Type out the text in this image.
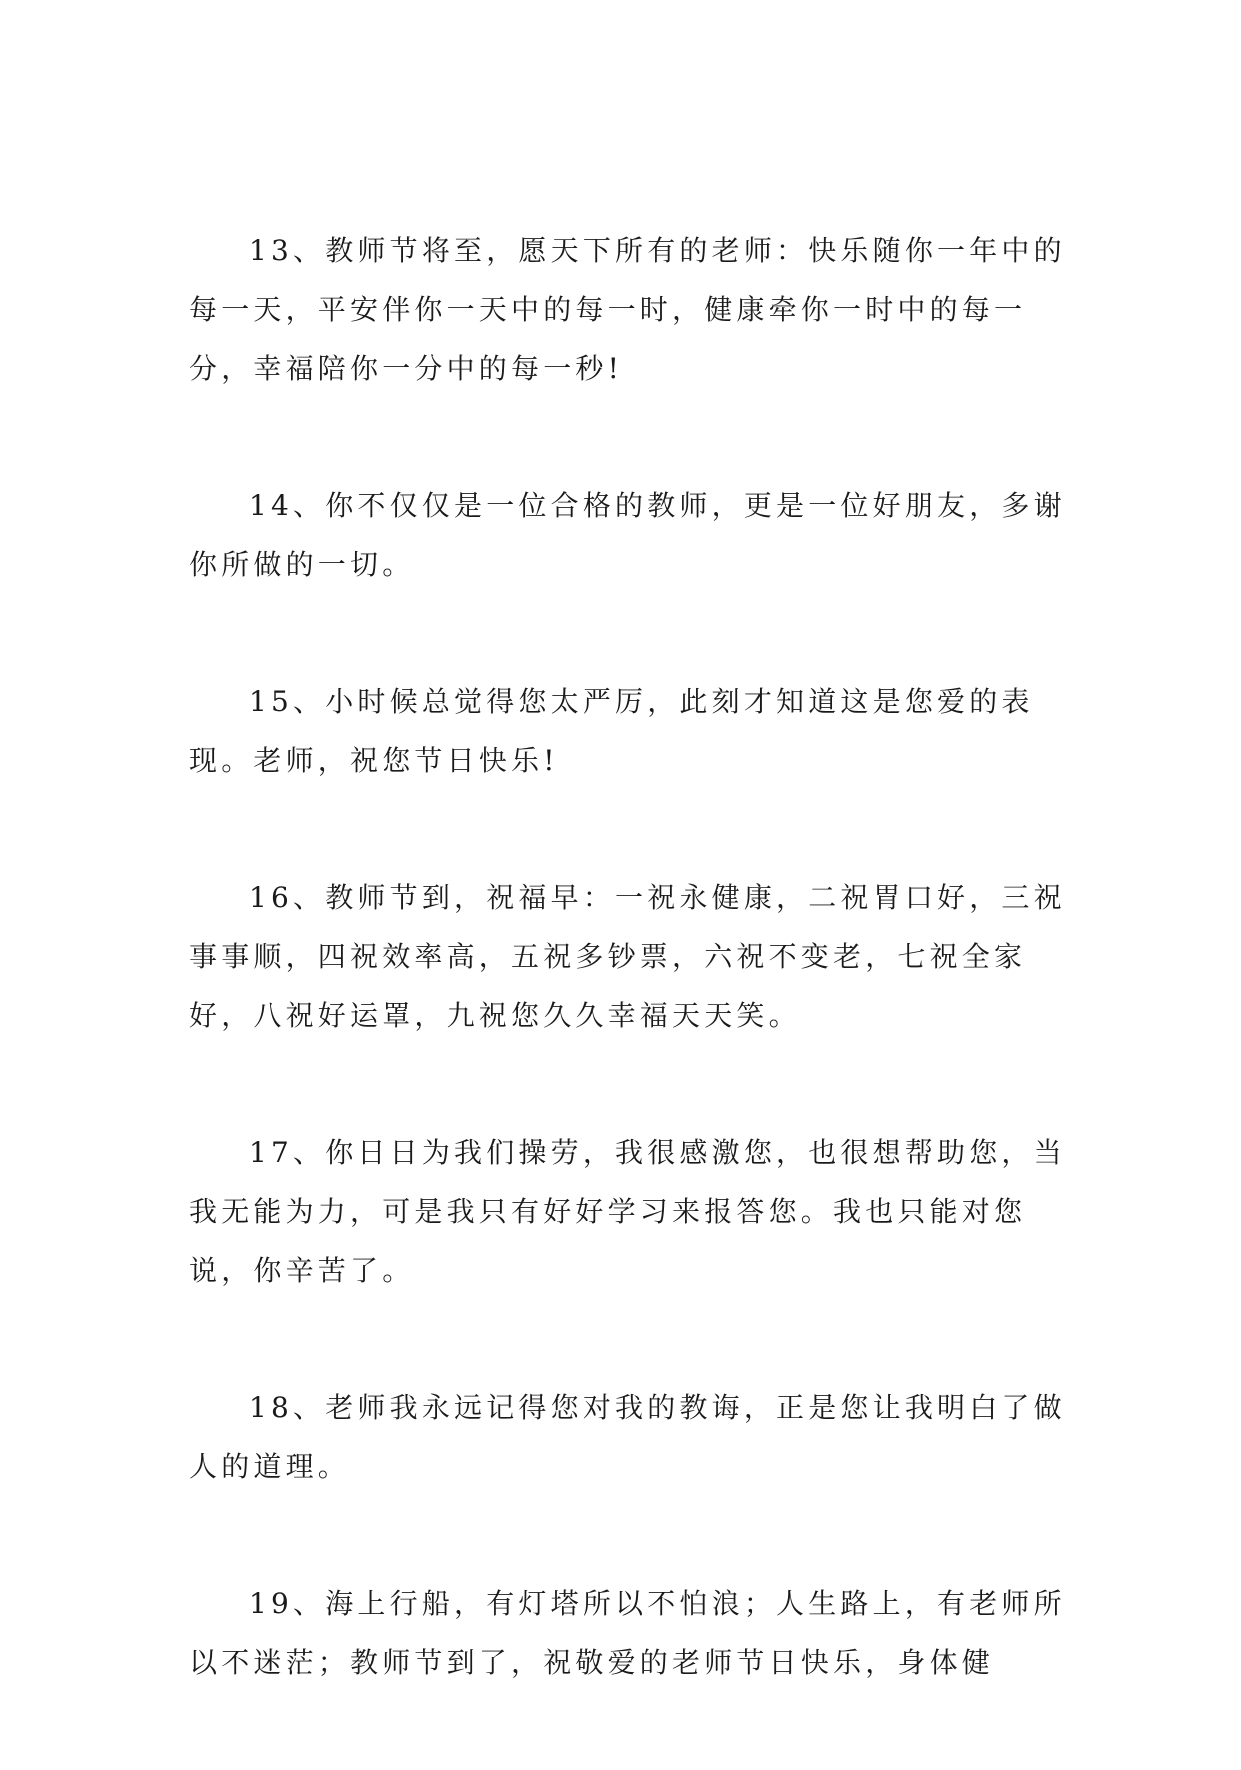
13、教师节将至，愿天下所有的老师：快乐随你一年中的每一天，平安伴你一天中的每一时，健康牵你一时中的每一分，幸福陪你一分中的每一秒!

14、你不仅仅是一位合格的教师，更是一位好朋友，多谢你所做的一切。

15、小时候总觉得您太严厉，此刻才知道这是您爱的表现。老师，祝您节日快乐!

16、教师节到，祝福早：一祝永健康，二祝胃口好，三祝事事顺，四祝效率高，五祝多钞票，六祝不变老，七祝全家好，八祝好运罩，九祝您久久幸福天天笑。

17、你日日为我们操劳，我很感激您，也很想帮助您，当我无能为力，可是我只有好好学习来报答您。我也只能对您说，你辛苦了。

18、老师我永远记得您对我的教诲，正是您让我明白了做人的道理。

19、海上行船，有灯塔所以不怕浪；人生路上，有老师所以不迷茫；教师节到了，祝敬爱的老师节日快乐，身体健
